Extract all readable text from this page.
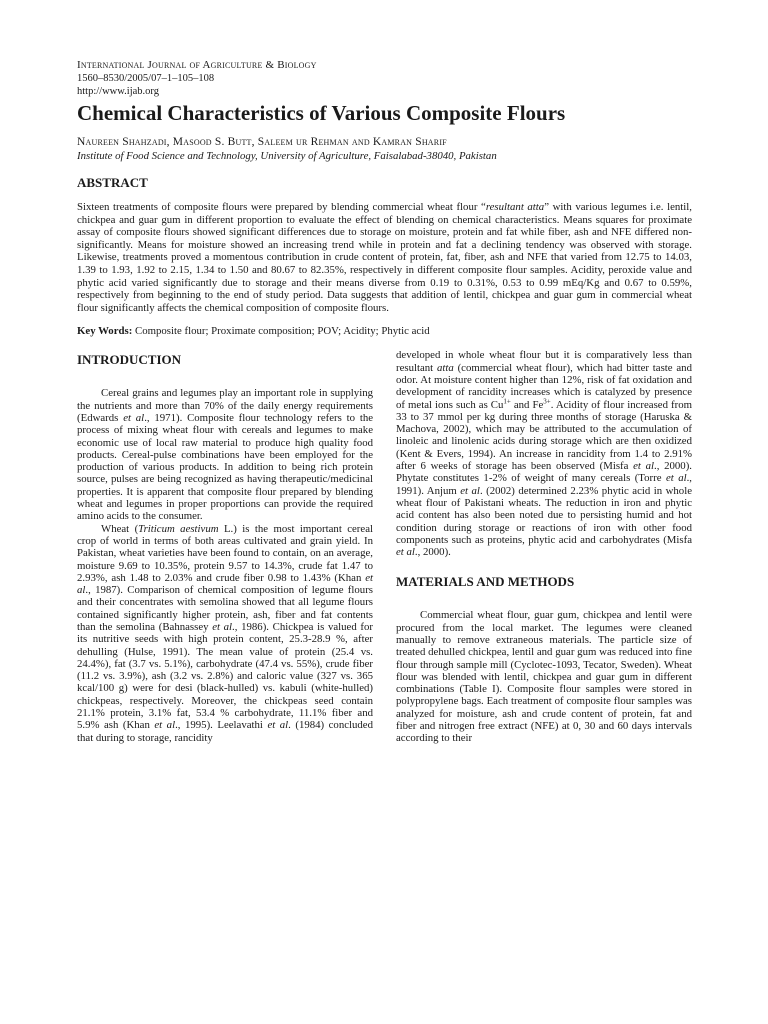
International Journal of Agriculture & Biology
1560–8530/2005/07–1–105–108
http://www.ijab.org
Chemical Characteristics of Various Composite Flours
Naureen Shahzadi, Masood S. Butt, Saleem ur Rehman and Kamran Sharif
Institute of Food Science and Technology, University of Agriculture, Faisalabad-38040, Pakistan
ABSTRACT
Sixteen treatments of composite flours were prepared by blending commercial wheat flour “resultant atta” with various legumes i.e. lentil, chickpea and guar gum in different proportion to evaluate the effect of blending on chemical characteristics. Means squares for proximate assay of composite flours showed significant differences due to storage on moisture, protein and fat while fiber, ash and NFE differed non-significantly. Means for moisture showed an increasing trend while in protein and fat a declining tendency was observed with storage. Likewise, treatments proved a momentous contribution in crude content of protein, fat, fiber, ash and NFE that varied from 12.75 to 14.03, 1.39 to 1.93, 1.92 to 2.15, 1.34 to 1.50 and 80.67 to 82.35%, respectively in different composite flour samples. Acidity, peroxide value and phytic acid varied significantly due to storage and their means diverse from 0.19 to 0.31%, 0.53 to 0.99 mEq/Kg and 0.67 to 0.59%, respectively from beginning to the end of study period. Data suggests that addition of lentil, chickpea and guar gum in commercial wheat flour significantly affects the chemical composition of composite flours.
Key Words: Composite flour; Proximate composition; POV; Acidity; Phytic acid
INTRODUCTION

Cereal grains and legumes play an important role in supplying the nutrients and more than 70% of the daily energy requirements (Edwards et al., 1971). Composite flour technology refers to the process of mixing wheat flour with cereals and legumes to make economic use of local raw material to produce high quality food products. Cereal-pulse combinations have been employed for the production of various products. In addition to being rich protein source, pulses are being recognized as having therapeutic/medicinal properties. It is apparent that composite flour prepared by blending wheat and legumes in proper proportions can provide the required amino acids to the consumer.

Wheat (Triticum aestivum L.) is the most important cereal crop of world in terms of both areas cultivated and grain yield. In Pakistan, wheat varieties have been found to contain, on an average, moisture 9.69 to 10.35%, protein 9.57 to 14.3%, crude fat 1.47 to 2.93%, ash 1.48 to 2.03% and crude fiber 0.98 to 1.43% (Khan et al., 1987). Comparison of chemical composition of legume flours and their concentrates with semolina showed that all legume flours contained significantly higher protein, ash, fiber and fat contents than the semolina (Bahnassey et al., 1986). Chickpea is valued for its nutritive seeds with high protein content, 25.3-28.9 %, after dehulling (Hulse, 1991). The mean value of protein (25.4 vs. 24.4%), fat (3.7 vs. 5.1%), carbohydrate (47.4 vs. 55%), crude fiber (11.2 vs. 3.9%), ash (3.2 vs. 2.8%) and caloric value (327 vs. 365 kcal/100 g) were for desi (black-hulled) vs. kabuli (white-hulled) chickpeas, respectively. Moreover, the chickpeas seed contain 21.1% protein, 3.1% fat, 53.4 % carbohydrate, 11.1% fiber and 5.9% ash (Khan et al., 1995). Leelavathi et al. (1984) concluded that during to storage, rancidity

developed in whole wheat flour but it is comparatively less than resultant atta (commercial wheat flour), which had bitter taste and odor. At moisture content higher than 12%, risk of fat oxidation and development of rancidity increases which is catalyzed by presence of metal ions such as $Cu^{1+}$ and $Fe^{3+}$. Acidity of flour increased from 33 to 37 mmol per kg during three months of storage (Haruska & Machova, 2002), which may be attributed to the accumulation of linoleic and linolenic acids during storage which are then oxidized (Kent & Evers, 1994). An increase in rancidity from 1.4 to 2.91% after 6 weeks of storage has been observed (Misfa et al., 2000). Phytate constitutes 1-2% of weight of many cereals (Torre et al., 1991). Anjum et al. (2002) determined 2.23% phytic acid in whole wheat flour of Pakistani wheats. The reduction in iron and phytic acid content has also been noted due to persisting humid and hot condition during storage or reactions of iron with other food components such as proteins, phytic acid and carbohydrates (Misfa et al., 2000).

MATERIALS AND METHODS

Commercial wheat flour, guar gum, chickpea and lentil were procured from the local market. The legumes were cleaned manually to remove extraneous materials. The particle size of treated dehulled chickpea, lentil and guar gum was reduced into fine flour through sample mill (Cyclotec-1093, Tecator, Sweden). Wheat flour was blended with lentil, chickpea and guar gum in different combinations (Table I). Composite flour samples were stored in polypropylene bags. Each treatment of composite flour samples was analyzed for moisture, ash and crude content of protein, fat and fiber and nitrogen free extract (NFE) at 0, 30 and 60 days intervals according to their
